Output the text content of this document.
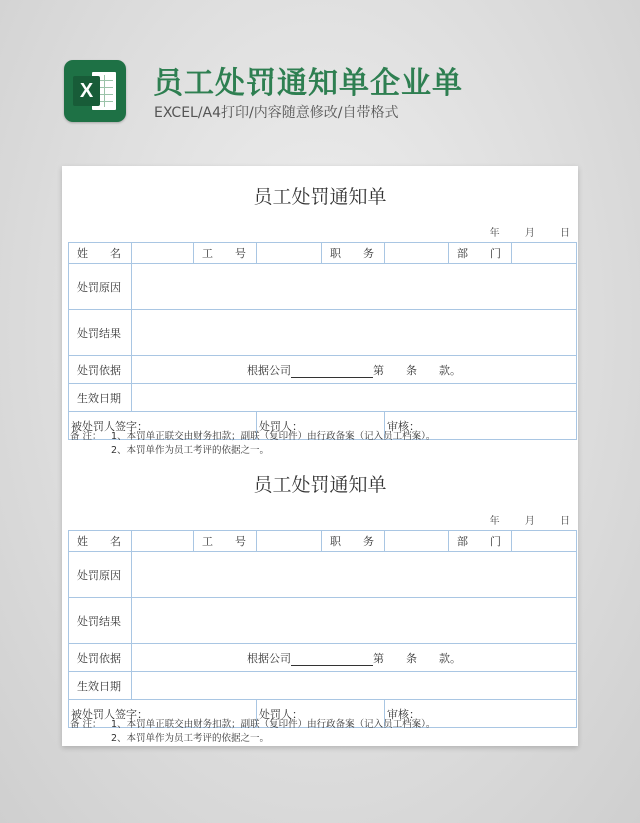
X 员工处罚通知单企业单
EXCEL/A4打印/内容随意修改/自带格式
员工处罚通知单
年	月	日
姓　　名		工　　号		职　　务		部　　门	
处罚原因							
处罚结果							
处罚依据	根据公司 第   条   款。						
生效日期							
被处罚人签字：			处罚人：		审核：		
备 注：  1、本罚单正联交由财务扣款；副联（复印件）由行政备案（记入员工档案）。
2、本罚单作为员工考评的依据之一。
员工处罚通知单
年	月	日
姓　　名		工　　号		职　　务		部　　门	
处罚原因							
处罚结果							
处罚依据	根据公司 第   条   款。						
生效日期							
被处罚人签字：			处罚人：		审核：		
备 注：  1、本罚单正联交由财务扣款；副联（复印件）由行政备案（记入员工档案）。
2、本罚单作为员工考评的依据之一。
